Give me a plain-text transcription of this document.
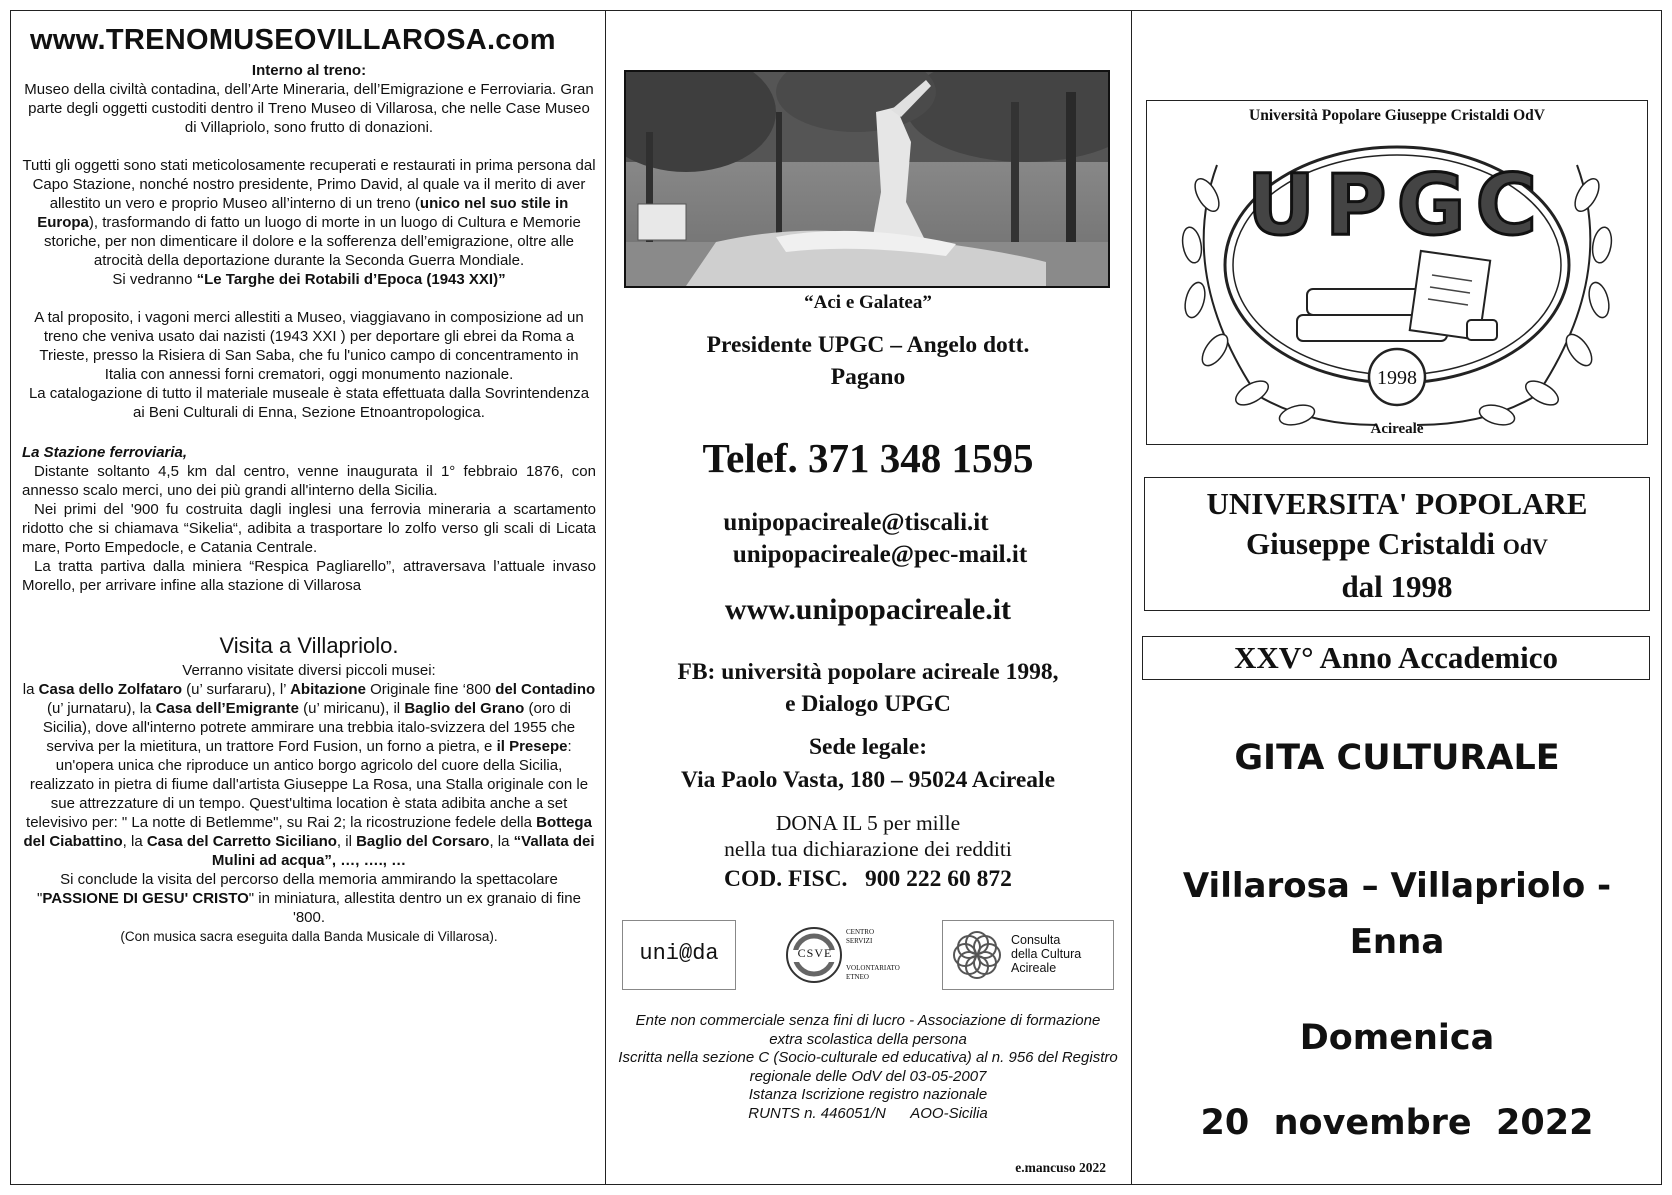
www.TRENOMUSEOVILLAROSA.com
Interno al treno:
Museo della civiltà contadina, dell’Arte Mineraria, dell’Emigrazione e Ferroviaria. Gran parte degli oggetti custoditi dentro il Treno Museo di Villarosa, che nelle Case Museo di Villapriolo, sono frutto di donazioni.
Tutti gli oggetti sono stati meticolosamente recuperati e restaurati in prima persona dal Capo Stazione, nonché nostro presidente, Primo David, al quale va il merito di aver allestito un vero e proprio Museo all’interno di un treno (unico nel suo stile in Europa), trasformando di fatto un luogo di morte in un luogo di Cultura e Memorie storiche, per non dimenticare il dolore e la sofferenza dell’emigrazione, oltre alle atrocità della deportazione durante la Seconda Guerra Mondiale.
Si vedranno “Le Targhe dei Rotabili d’Epoca (1943 XXI)”
A tal proposito, i vagoni merci allestiti a Museo, viaggiavano in composizione ad un treno che veniva usato dai nazisti (1943 XXI ) per deportare gli ebrei da Roma a Trieste, presso la Risiera di San Saba, che fu l'unico campo di concentramento in Italia con annessi forni crematori, oggi monumento nazionale.
La catalogazione di tutto il materiale museale è stata effettuata dalla Sovrintendenza ai Beni Culturali di Enna, Sezione Etnoantropologica.
La Stazione ferroviaria,
Distante soltanto 4,5 km dal centro, venne inaugurata il 1° febbraio 1876, con annesso scalo merci, uno dei più grandi all'interno della Sicilia.
Nei primi del '900 fu costruita dagli inglesi una ferrovia mineraria a scartamento ridotto che si chiamava “Sikelia“, adibita a trasportare lo zolfo verso gli scali di Licata mare, Porto Empedocle, e Catania Centrale.
La tratta partiva dalla miniera “Respica Pagliarello”, attraversava l’attuale invaso Morello, per arrivare infine alla stazione di Villarosa
Visita a Villapriolo.
Verranno visitate diversi piccoli musei:
la Casa dello Zolfataro (u’ surfararu), l’ Abitazione Originale fine ‘800 del Contadino (u’ jurnataru), la Casa dell’Emigrante (u’ miricanu), il Baglio del Grano (oro di Sicilia), dove all'interno potrete ammirare una trebbia italo-svizzera del 1955 che serviva per la mietitura, un trattore Ford Fusion, un forno a pietra, e il Presepe: un'opera unica che riproduce un antico borgo agricolo del cuore della Sicilia, realizzato in pietra di fiume dall'artista Giuseppe La Rosa, una Stalla originale con le sue attrezzature di un tempo. Quest'ultima location è stata adibita anche a set televisivo per: " La notte di Betlemme", su Rai 2; la ricostruzione fedele della Bottega del Ciabattino, la Casa del Carretto Siciliano, il Baglio del Corsaro, la “Vallata dei Mulini ad acqua”, …, …., …
Si conclude la visita del percorso della memoria ammirando la spettacolare "PASSIONE DI GESU' CRISTO" in miniatura, allestita dentro un ex granaio di fine '800.
(Con musica sacra eseguita dalla Banda Musicale di Villarosa).
“Aci e Galatea”
Presidente UPGC – Angelo dott.
Pagano
Telef. 371 348 1595
unipopacireale@tiscali.it
unipopacireale@pec-mail.it
www.unipopacireale.it
FB: università popolare acireale 1998,
e Dialogo UPGC
Sede legale:
Via Paolo Vasta, 180 – 95024 Acireale
DONA IL 5 per mille
nella tua dichiarazione dei redditi
COD. FISC.   900 222 60 872
uni@da	CSVE
CENTRO
SERVIZI
VOLONTARIATO
ETNEO
Consulta
della Cultura
Acireale
Ente non commerciale senza fini di lucro - Associazione di formazione extra scolastica della persona
Iscritta nella sezione C (Socio-culturale ed educativa) al n. 956 del Registro regionale delle OdV del 03-05-2007
Istanza Iscrizione registro nazionale
RUNTS n. 446051/N      AOO-Sicilia
e.mancuso 2022
Università Popolare Giuseppe Cristaldi OdV
UPGC
1998
Acireale
UNIVERSITA' POPOLARE
Giuseppe Cristaldi OdV
dal 1998
XXV° Anno Accademico
GITA CULTURALE
Villarosa – Villapriolo -
Enna
Domenica
20  novembre  2022
